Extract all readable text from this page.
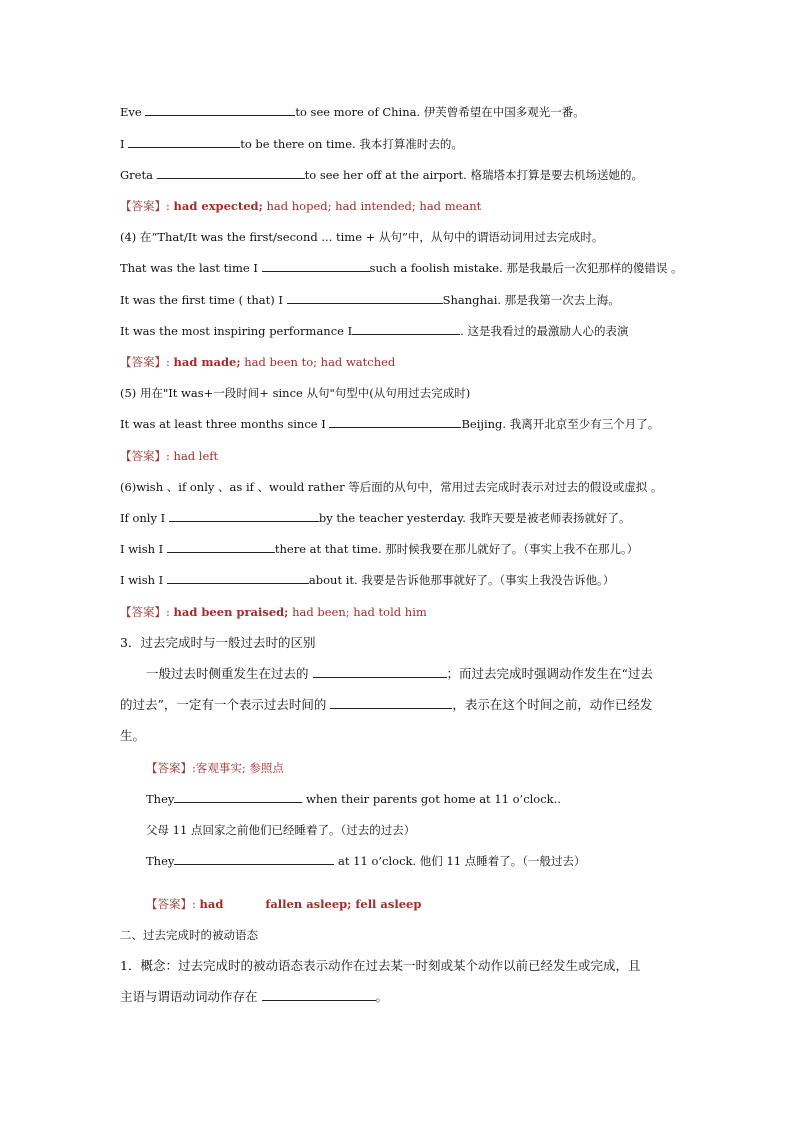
Eve	to see more of China. 伊芙曾希望在中国多观光一番。
I	to be there on time. 我本打算准时去的。
Greta	to see her off at the airport. 格瑞塔本打算是要去机场送她的。
【答案】: had expected; had hoped; had intended; had meant
(4) 在“That/It was the first/second ... time + 从句”中，从句中的谓语动词用过去完成时。
That was the last time I	such a foolish mistake. 那是我最后一次犯那样的傻错误 。
It was the first time ( that) I	Shanghai. 那是我第一次去上海。
It was the most inspiring performance I	. 这是我看过的最激励人心的表演
【答案】: had made; had been to; had watched
(5) 用在"It was+一段时间+ since 从句"句型中(从句用过去完成时)
It was at least three months since I	Beijing. 我离开北京至少有三个月了。
【答案】: had left
(6)wish 、if only 、as if 、would rather 等后面的从句中，常用过去完成时表示对过去的假设或虚拟 。
If only I	by the teacher yesterday. 我昨天要是被老师表扬就好了。
I wish I	there at that time. 那时候我要在那儿就好了。（事实上我不在那儿。）
I wish I	about it. 我要是告诉他那事就好了。（事实上我没告诉他。）
【答案】: had been praised; had been; had told him
3．过去完成时与一般过去时的区别
一般过去时侧重发生在过去的	；而过去完成时强调动作发生在“过去
的过去”，一定有一个表示过去时间的	，表示在这个时间之前，动作已经发
生。
【答案】:客观事实; 参照点
They	when their parents got home at 11 o’clock..
父母 11 点回家之前他们已经睡着了。（过去的过去）
They	at 11 o’clock. 他们 11 点睡着了。（一般过去）
【答案】: had	fallen asleep; fell asleep
二、过去完成时的被动语态
1．概念：过去完成时的被动语态表示动作在过去某一时刻或某个动作以前已经发生或完成，且
主语与谓语动词动作存在	。
